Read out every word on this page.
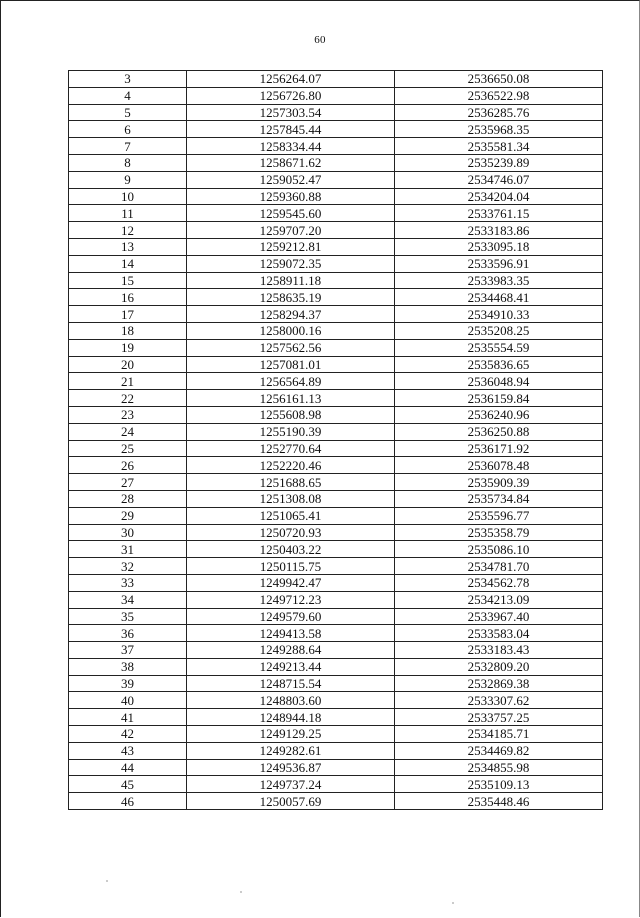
60
3	1256264.07	2536650.08
4	1256726.80	2536522.98
5	1257303.54	2536285.76
6	1257845.44	2535968.35
7	1258334.44	2535581.34
8	1258671.62	2535239.89
9	1259052.47	2534746.07
10	1259360.88	2534204.04
11	1259545.60	2533761.15
12	1259707.20	2533183.86
13	1259212.81	2533095.18
14	1259072.35	2533596.91
15	1258911.18	2533983.35
16	1258635.19	2534468.41
17	1258294.37	2534910.33
18	1258000.16	2535208.25
19	1257562.56	2535554.59
20	1257081.01	2535836.65
21	1256564.89	2536048.94
22	1256161.13	2536159.84
23	1255608.98	2536240.96
24	1255190.39	2536250.88
25	1252770.64	2536171.92
26	1252220.46	2536078.48
27	1251688.65	2535909.39
28	1251308.08	2535734.84
29	1251065.41	2535596.77
30	1250720.93	2535358.79
31	1250403.22	2535086.10
32	1250115.75	2534781.70
33	1249942.47	2534562.78
34	1249712.23	2534213.09
35	1249579.60	2533967.40
36	1249413.58	2533583.04
37	1249288.64	2533183.43
38	1249213.44	2532809.20
39	1248715.54	2532869.38
40	1248803.60	2533307.62
41	1248944.18	2533757.25
42	1249129.25	2534185.71
43	1249282.61	2534469.82
44	1249536.87	2534855.98
45	1249737.24	2535109.13
46	1250057.69	2535448.46
